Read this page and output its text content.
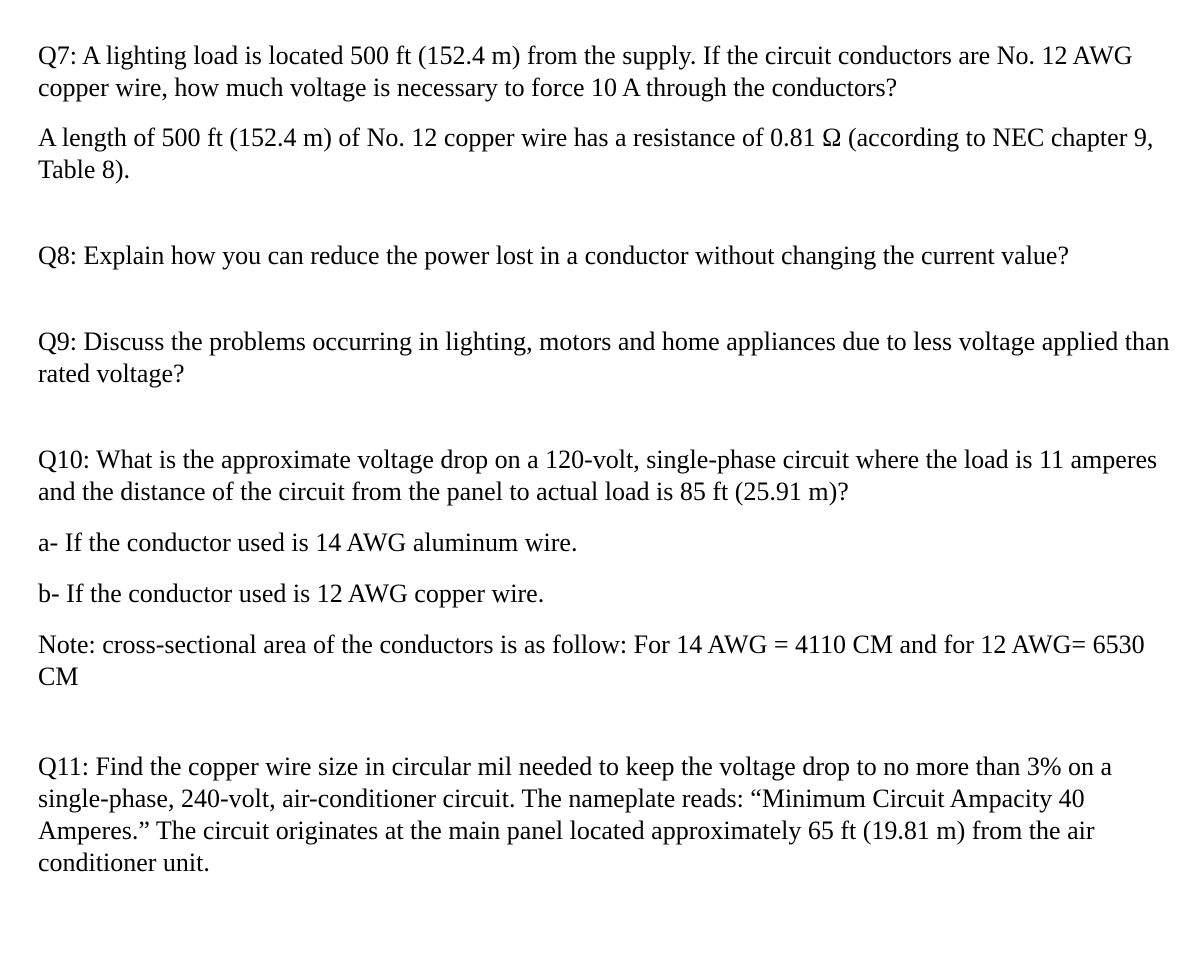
Q7: A lighting load is located 500 ft (152.4 m) from the supply. If the circuit conductors are No. 12 AWG copper wire, how much voltage is necessary to force 10 A through the conductors?

A length of 500 ft (152.4 m) of No. 12 copper wire has a resistance of 0.81 Ω (according to NEC chapter 9, Table 8).

Q8: Explain how you can reduce the power lost in a conductor without changing the current value?

Q9: Discuss the problems occurring in lighting, motors and home appliances due to less voltage applied than rated voltage?

Q10: What is the approximate voltage drop on a 120-volt, single-phase circuit where the load is 11 amperes and the distance of the circuit from the panel to actual load is 85 ft (25.91 m)?

a- If the conductor used is 14 AWG aluminum wire.

b- If the conductor used is 12 AWG copper wire.

Note: cross-sectional area of the conductors is as follow: For 14 AWG = 4110 CM and for 12 AWG= 6530 CM

Q11: Find the copper wire size in circular mil needed to keep the voltage drop to no more than 3% on a single-phase, 240-volt, air-conditioner circuit. The nameplate reads: “Minimum Circuit Ampacity 40 Amperes.” The circuit originates at the main panel located approximately 65 ft (19.81 m) from the air conditioner unit.
